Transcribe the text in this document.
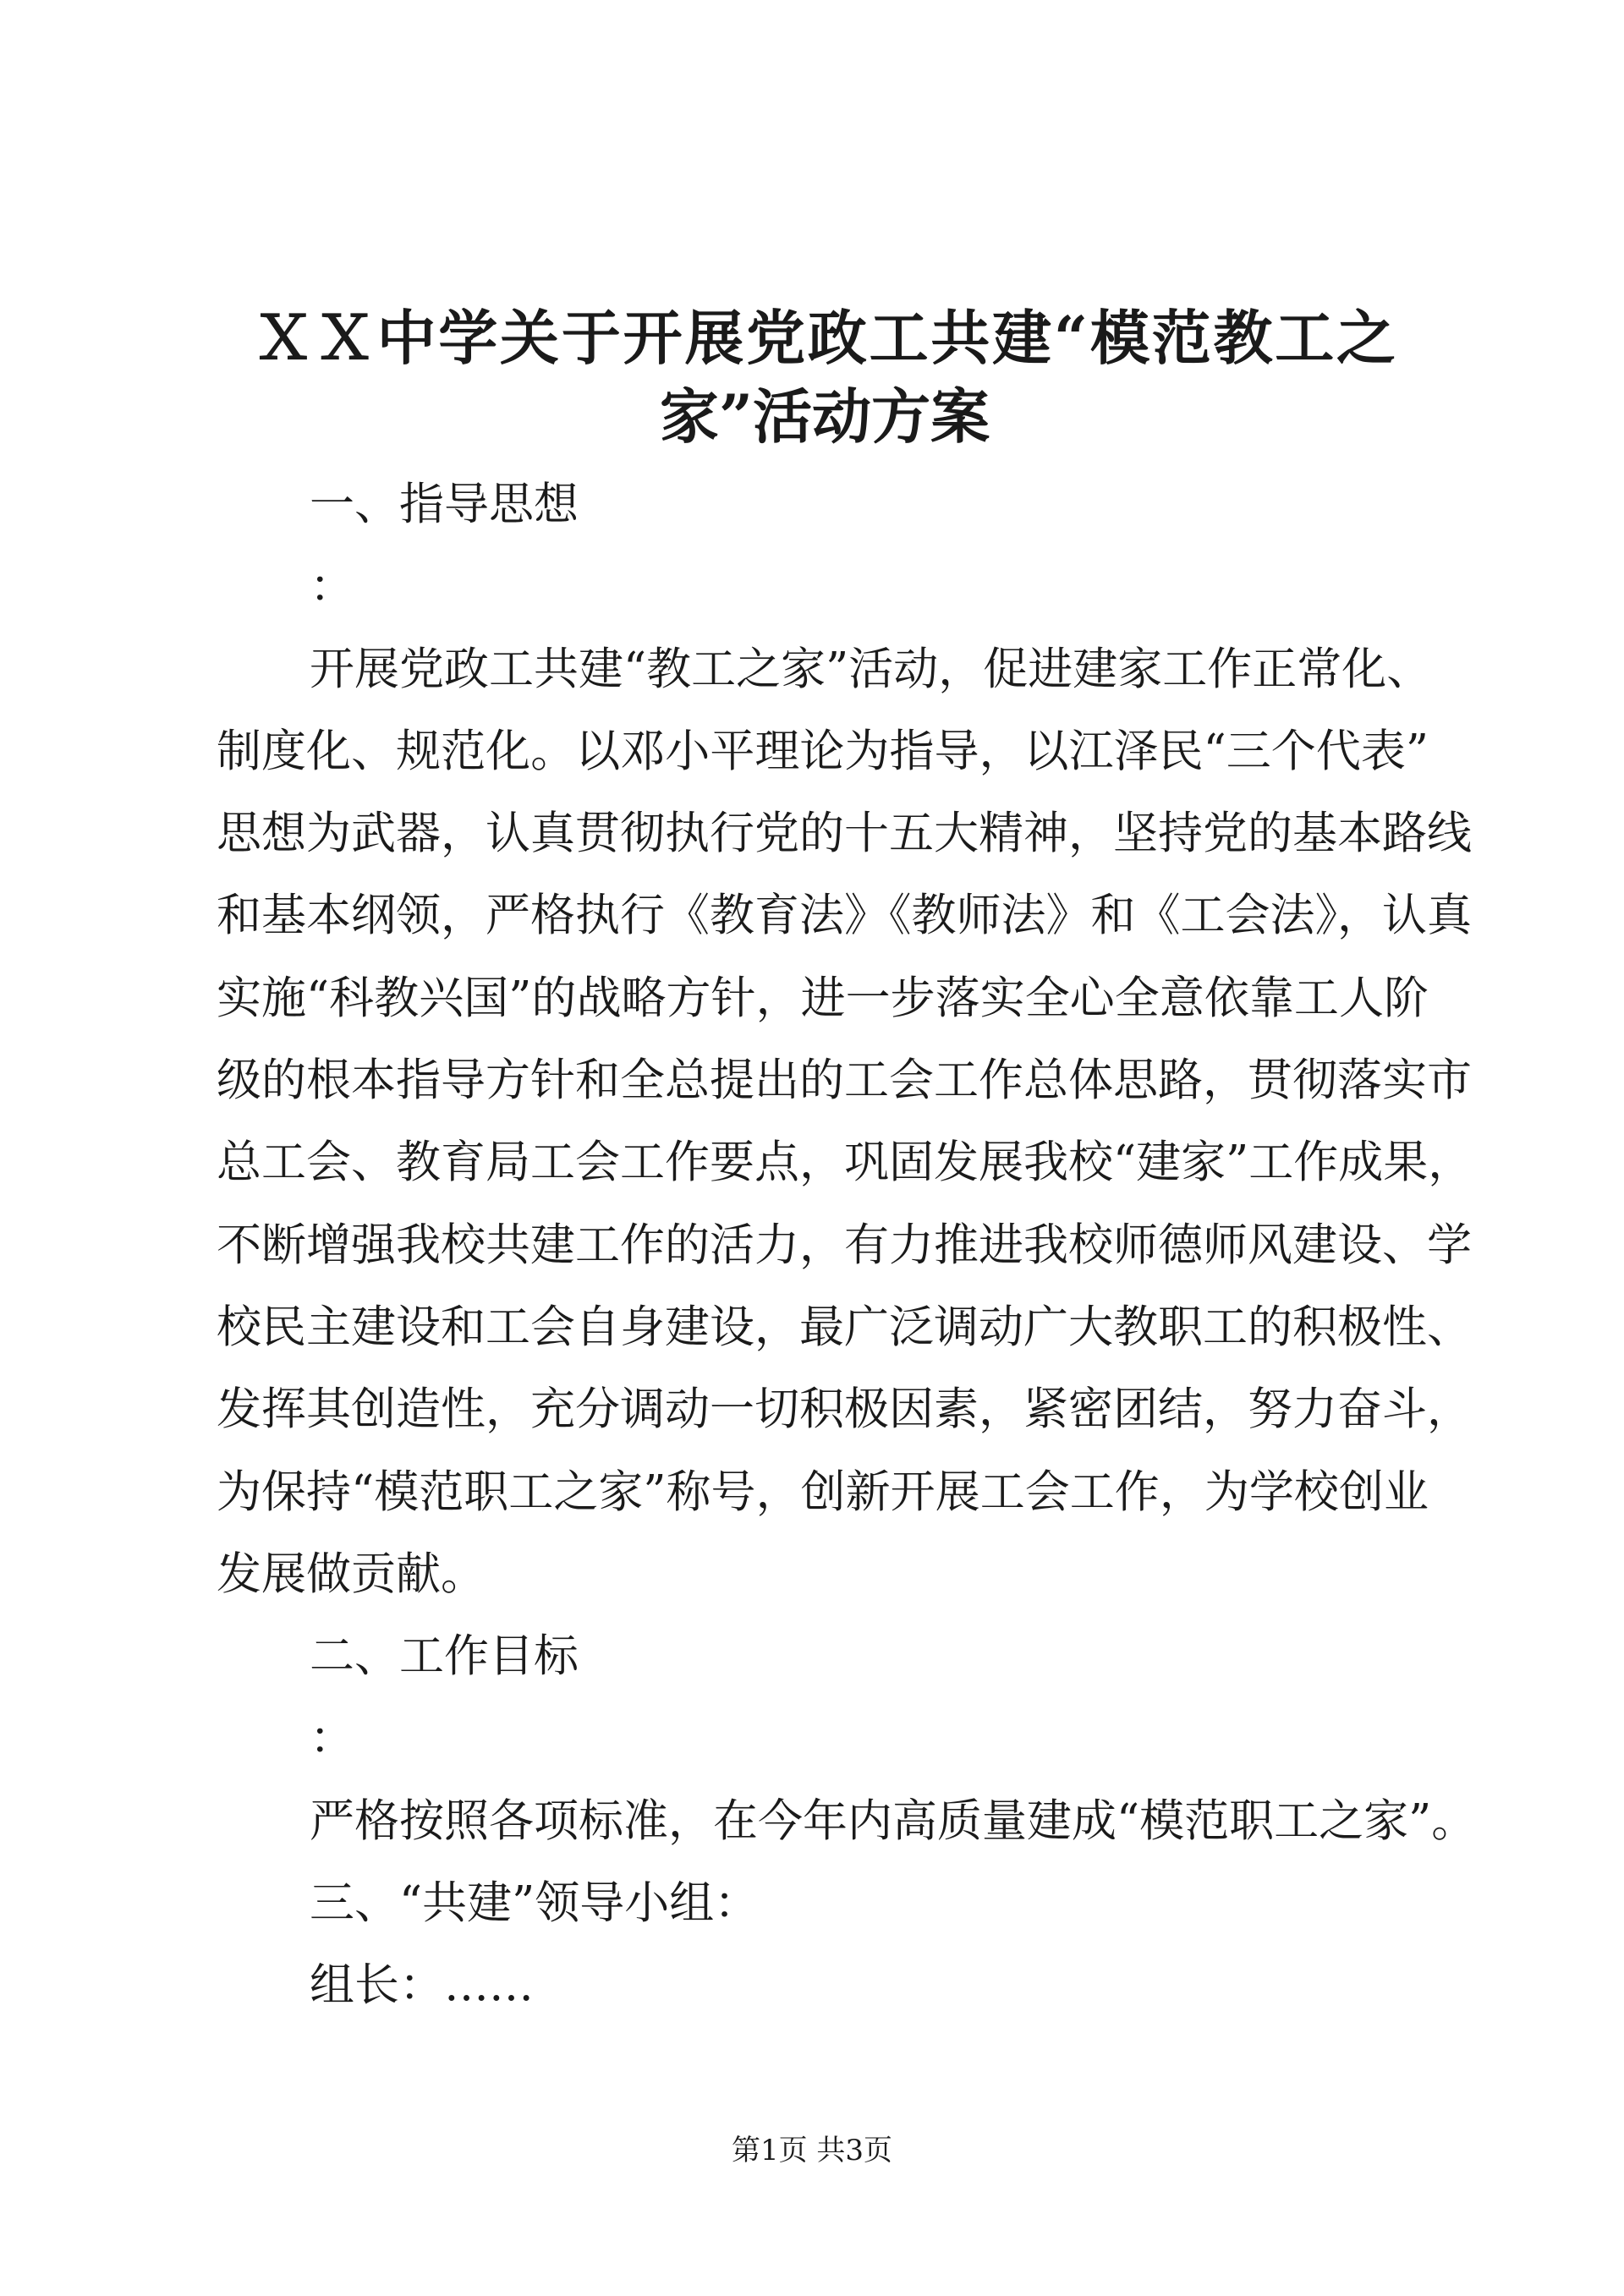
ＸＸ中学关于开展党政工共建“模范教工之
家”活动方案
一、指导思想
：
开展党政工共建“教工之家”活动，促进建家工作正常化、
制度化、规范化。以邓小平理论为指导，以江泽民“三个代表”
思想为武器，认真贯彻执行党的十五大精神，坚持党的基本路线
和基本纲领，严格执行《教育法》《教师法》和《工会法》，认真
实施“科教兴国”的战略方针，进一步落实全心全意依靠工人阶
级的根本指导方针和全总提出的工会工作总体思路，贯彻落实市
总工会、教育局工会工作要点，巩固发展我校“建家”工作成果，
不断增强我校共建工作的活力，有力推进我校师德师风建设、学
校民主建设和工会自身建设，最广泛调动广大教职工的积极性、
发挥其创造性，充分调动一切积极因素，紧密团结，努力奋斗，
为保持“模范职工之家”称号，创新开展工会工作，为学校创业
发展做贡献。
二、工作目标
：
严格按照各项标准，在今年内高质量建成“模范职工之家”。
三、“共建”领导小组：
组长：……
第1页 共3页
